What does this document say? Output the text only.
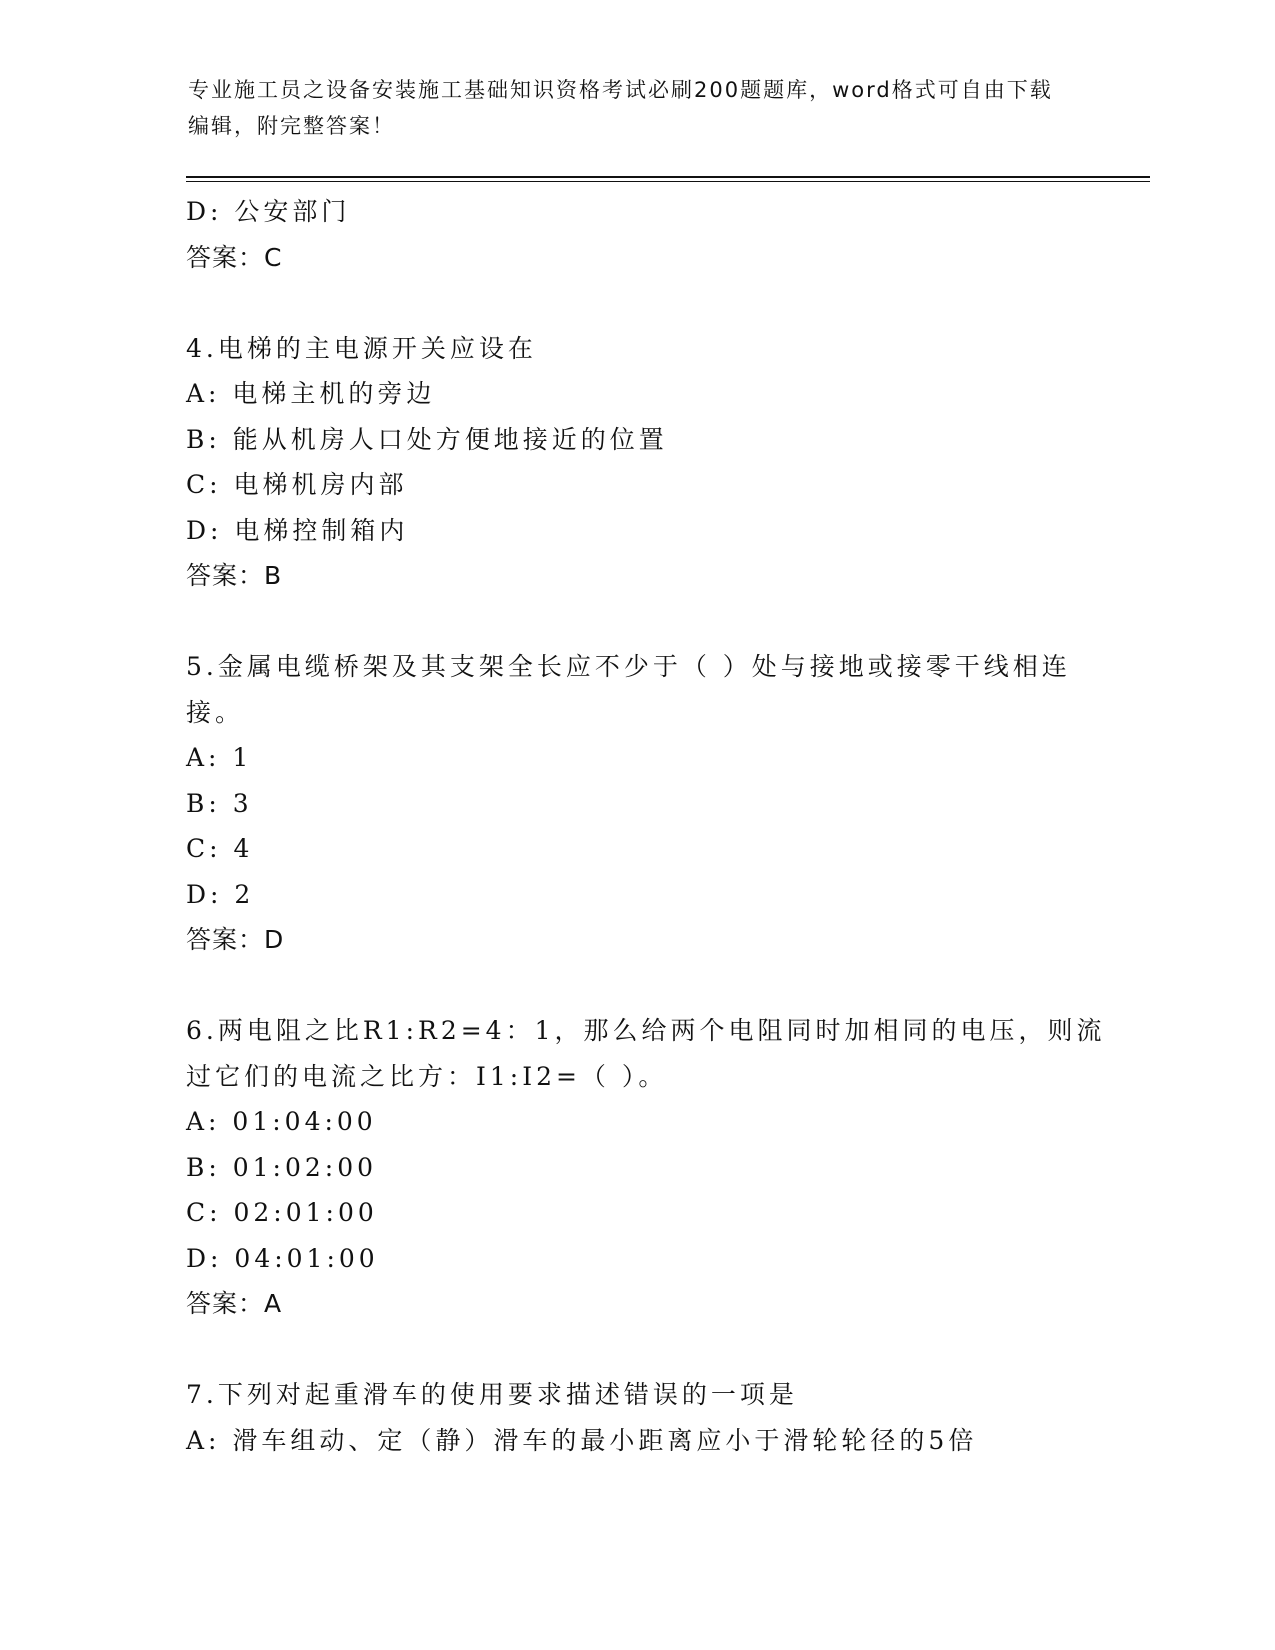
专业施工员之设备安装施工基础知识资格考试必刷200题题库，word格式可自由下载编辑，附完整答案！
D: 公安部门
答案：C
4.电梯的主电源开关应设在
A: 电梯主机的旁边
B: 能从机房人口处方便地接近的位置
C: 电梯机房内部
D: 电梯控制箱内
答案：B
5.金属电缆桥架及其支架全长应不少于（ ）处与接地或接零干线相连接。
A: 1
B: 3
C: 4
D: 2
答案：D
6.两电阻之比R1:R2=4：1，那么给两个电阻同时加相同的电压，则流过它们的电流之比方：I1:I2=（ ）。
A: 01:04:00
B: 01:02:00
C: 02:01:00
D: 04:01:00
答案：A
7.下列对起重滑车的使用要求描述错误的一项是
A: 滑车组动、定（静）滑车的最小距离应小于滑轮轮径的5倍
